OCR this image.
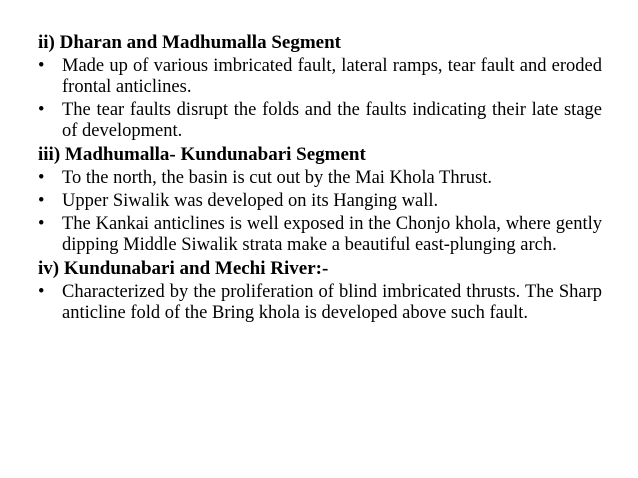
ii) Dharan and Madhumalla Segment
• Made up of various imbricated fault, lateral ramps, tear fault and eroded frontal anticlines.
• The tear faults disrupt the folds and the faults indicating their late stage of development.
iii) Madhumalla- Kundunabari Segment
• To the north, the basin is cut out by the Mai Khola Thrust.
• Upper Siwalik was developed on its Hanging wall.
• The Kankai anticlines is well exposed in the Chonjo khola, where gently dipping Middle Siwalik strata make a beautiful east-plunging arch.
iv) Kundunabari and Mechi River:-
• Characterized by the proliferation of blind imbricated thrusts. The Sharp anticline fold of the Bring khola is developed above such fault.
